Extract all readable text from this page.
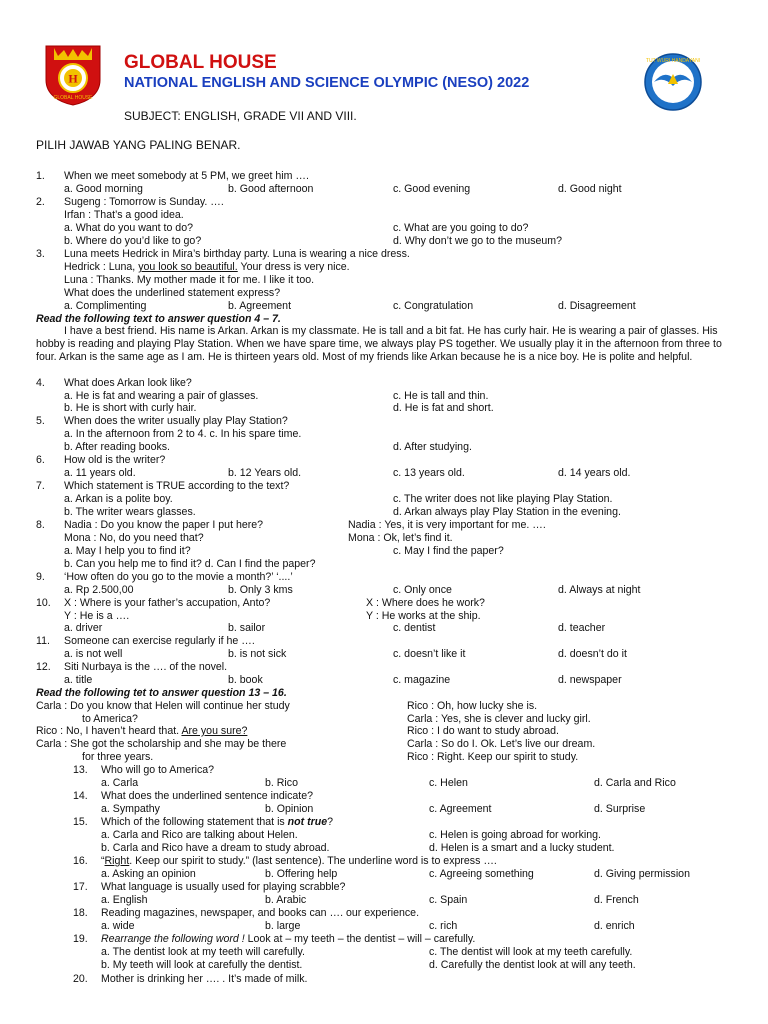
H
GLOBAL HOUSE
TUT WURI HANDAYANI
GLOBAL HOUSE
NATIONAL ENGLISH AND SCIENCE OLYMPIC (NESO) 2022
SUBJECT: ENGLISH, GRADE VII AND VIII.
PILIH JAWAB YANG PALING BENAR.
1. When we meet somebody at 5 PM, we greet him ….
a. Good morning	b. Good afternoon	c. Good evening	d. Good night
2. Sugeng : Tomorrow is Sunday. ….
Irfan : That’s a good idea.
a. What do you want to do?	c. What are you going to do?
b. Where do you’d like to go?	d. Why don’t we go to the museum?
3. Luna meets Hedrick in Mira’s birthday party. Luna is wearing a nice dress.
Hedrick : Luna, you look so beautiful. Your dress is very nice.
Luna : Thanks. My mother made it for me. I like it too.
What does the underlined statement express?
a. Complimenting	b. Agreement	c. Congratulation	d. Disagreement
Read the following text to answer question 4 – 7.
I have a best friend. His name is Arkan. Arkan is my classmate. He is tall and a bit fat. He has curly hair. He is wearing a pair of glasses. His hobby is reading and playing Play Station. When we have spare time, we always play PS together. We usually play it in the afternoon from three to four. Arkan is the same age as I am. He is thirteen years old. Most of my friends like Arkan because he is a nice boy. He is polite and helpful.
4. What does Arkan look like?
a. He is fat and wearing a pair of glasses.	c. He is tall and thin.
b. He is short with curly hair.	d. He is fat and short.
5. When does the writer usually play Play Station?
a. In the afternoon from 2 to 4. c. In his spare time.
b. After reading books.	d. After studying.
6. How old is the writer?
a. 11 years old.	b. 12 Years old.	c. 13 years old.	d. 14 years old.
7. Which statement is TRUE according to the text?
a. Arkan is a polite boy.	c. The writer does not like playing Play Station.
b. The writer wears glasses.	d. Arkan always play Play Station in the evening.
8. Nadia : Do you know the paper I put here?	Nadia : Yes, it is very important for me. ….
Mona : No, do you need that?	Mona : Ok, let’s find it.
a. May I help you to find it?	c. May I find the paper?
b. Can you help me to find it? d. Can I find the paper?
9. ‘How often do you go to the movie a month?’ ‘....’
a. Rp 2.500,00	b. Only 3 kms	c. Only once	d. Always at night
10. X : Where is your father’s accupation, Anto?	X : Where does he work?
Y : He is a ….	Y : He works at the ship.
a. driver	b. sailor	c. dentist	d. teacher
11. Someone can exercise regularly if he ….
a. is not well	b. is not sick	c. doesn’t like it	d. doesn’t do it
12. Siti Nurbaya is the …. of the novel.
a. title	b. book	c. magazine	d. newspaper
Read the following tet to answer question 13 – 16.
Carla : Do you know that Helen will continue her study	Rico : Oh, how lucky she is.
to America?	Carla : Yes, she is clever and lucky girl.
Rico : No, I haven’t heard that. Are you sure?	Rico : I do want to study abroad.
Carla : She got the scholarship and she may be there	Carla : So do I. Ok. Let’s live our dream.
for three years.	Rico : Right. Keep our spirit to study.
13. Who will go to America?
a. Carla	b. Rico	c. Helen	d. Carla and Rico
14. What does the underlined sentence indicate?
a. Sympathy	b. Opinion	c. Agreement	d. Surprise
15. Which of the following statement that is not true?
a. Carla and Rico are talking about Helen.	c. Helen is going abroad for working.
b. Carla and Rico have a dream to study abroad.	d. Helen is a smart and a lucky student.
16. “Right. Keep our spirit to study.” (last sentence). The underline word is to express ….
a. Asking an opinion	b. Offering help	c. Agreeing something	d. Giving permission
17. What language is usually used for playing scrabble?
a. English	b. Arabic	c. Spain	d. French
18. Reading magazines, newspaper, and books can …. our experience.
a. wide	b. large	c. rich	d. enrich
19. Rearrange the following word ! Look at – my teeth – the dentist – will – carefully.
a. The dentist look at my teeth will carefully.	c. The dentist will look at my teeth carefully.
b. My teeth will look at carefully the dentist.	d. Carefully the dentist look at will any teeth.
20. Mother is drinking her …. . It’s made of milk.
